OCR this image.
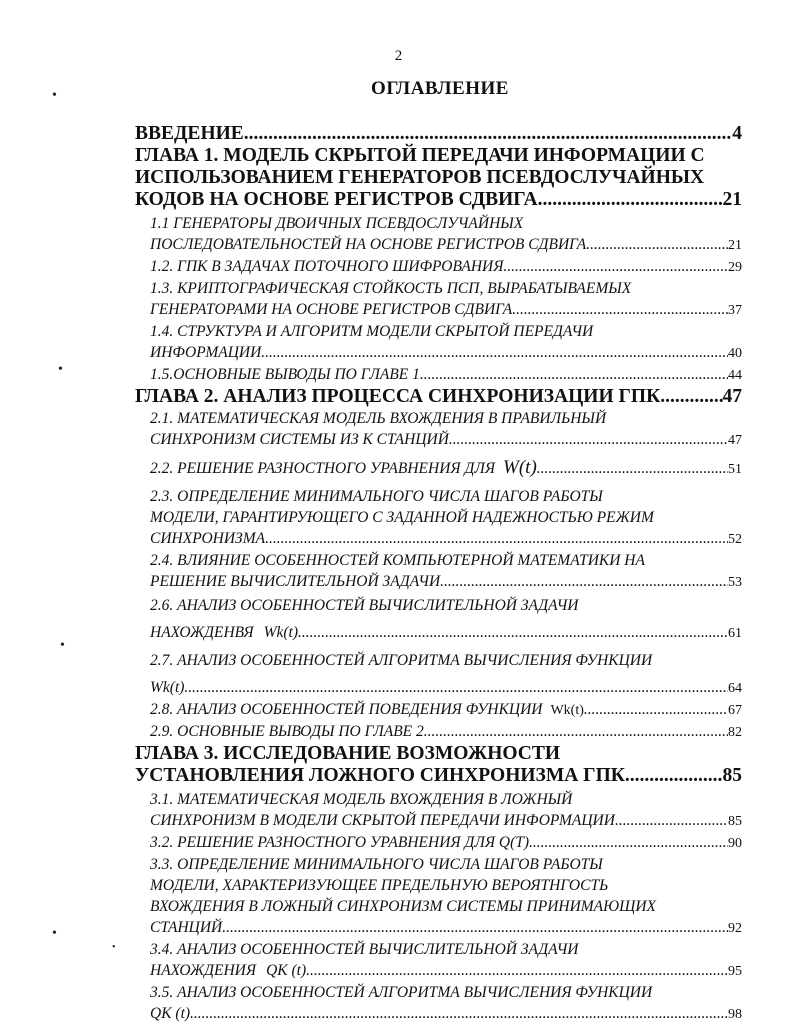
2
ОГЛАВЛЕНИЕ
ВВЕДЕНИЕ .....	4
ГЛАВА 1. МОДЕЛЬ СКРЫТОЙ ПЕРЕДАЧИ ИНФОРМАЦИИ С
ИСПОЛЬЗОВАНИЕМ ГЕНЕРАТОРОВ ПСЕВДОСЛУЧАЙНЫХ
КОДОВ НА ОСНОВЕ РЕГИСТРОВ СДВИГА .....	21
1.1 ГЕНЕРАТОРЫ ДВОИЧНЫХ ПСЕВДОСЛУЧАЙНЫХ
ПОСЛЕДОВАТЕЛЬНОСТЕЙ НА ОСНОВЕ РЕГИСТРОВ СДВИГА .....	21
1.2. ГПК В ЗАДАЧАХ ПОТОЧНОГО ШИФРОВАНИЯ. .....	29
1.3. КРИПТОГРАФИЧЕСКАЯ СТОЙКОСТЬ ПСП, ВЫРАБАТЫВАЕМЫХ
ГЕНЕРАТОРАМИ НА ОСНОВЕ РЕГИСТРОВ СДВИГА .....	37
1.4. СТРУКТУРА И АЛГОРИТМ МОДЕЛИ СКРЫТОЙ ПЕРЕДАЧИ
ИНФОРМАЦИИ .....	40
1.5.ОСНОВНЫЕ ВЫВОДЫ ПО ГЛАВЕ 1 .....	44
ГЛАВА 2. АНАЛИЗ ПРОЦЕССА СИНХРОНИЗАЦИИ ГПК. .....	47
2.1. МАТЕМАТИЧЕСКАЯ МОДЕЛЬ ВХОЖДЕНИЯ В ПРАВИЛЬНЫЙ
СИНХРОНИЗМ СИСТЕМЫ ИЗ К СТАНЦИЙ. .....	47
2.2. РЕШЕНИЕ РАЗНОСТНОГО УРАВНЕНИЯ ДЛЯ W(t) .....	51
2.3. ОПРЕДЕЛЕНИЕ МИНИМАЛЬНОГО ЧИСЛА ШАГОВ РАБОТЫ
МОДЕЛИ, ГАРАНТИРУЮЩЕГО С ЗАДАННОЙ НАДЕЖНОСТЬЮ РЕЖИМ
СИНХРОНИЗМА .....	52
2.4. ВЛИЯНИЕ ОСОБЕННОСТЕЙ КОМПЬЮТЕРНОЙ МАТЕМАТИКИ НА
РЕШЕНИЕ ВЫЧИСЛИТЕЛЬНОЙ ЗАДАЧИ .....	53
2.6. АНАЛИЗ ОСОБЕННОСТЕЙ ВЫЧИСЛИТЕЛЬНОЙ ЗАДАЧИ
НАХОЖДЕНВЯ Wk(t) .....	61
2.7. АНАЛИЗ ОСОБЕННОСТЕЙ АЛГОРИТМА ВЫЧИСЛЕНИЯ ФУНКЦИИ
Wk(t) .....	64
2.8. АНАЛИЗ ОСОБЕННОСТЕЙ ПОВЕДЕНИЯ ФУНКЦИИ Wk(t) .....	67
2.9. ОСНОВНЫЕ ВЫВОДЫ ПО ГЛАВЕ 2 .....	82
ГЛАВА 3. ИССЛЕДОВАНИЕ ВОЗМОЖНОСТИ
УСТАНОВЛЕНИЯ ЛОЖНОГО СИНХРОНИЗМА ГПК .....	85
3.1. МАТЕМАТИЧЕСКАЯ МОДЕЛЬ ВХОЖДЕНИЯ В ЛОЖНЫЙ
СИНХРОНИЗМ В МОДЕЛИ СКРЫТОЙ ПЕРЕДАЧИ ИНФОРМАЦИИ .....	85
3.2. РЕШЕНИЕ РАЗНОСТНОГО УРАВНЕНИЯ ДЛЯ Q(T). .....	90
3.3. ОПРЕДЕЛЕНИЕ МИНИМАЛЬНОГО ЧИСЛА ШАГОВ РАБОТЫ
МОДЕЛИ, ХАРАКТЕРИЗУЮЩЕЕ ПРЕДЕЛЬНУЮ ВЕРОЯТНГОСТЬ
ВХОЖДЕНИЯ В ЛОЖНЫЙ СИНХРОНИЗМ СИСТЕМЫ ПРИНИМАЮЩИХ
СТАНЦИЙ .....	92
3.4. АНАЛИЗ ОСОБЕННОСТЕЙ ВЫЧИСЛИТЕЛЬНОЙ ЗАДАЧИ
НАХОЖДЕНИЯ QK (t) .....	95
3.5. АНАЛИЗ ОСОБЕННОСТЕЙ АЛГОРИТМА ВЫЧИСЛЕНИЯ ФУНКЦИИ
QK (t) .....	98
•
•
•
•
•
